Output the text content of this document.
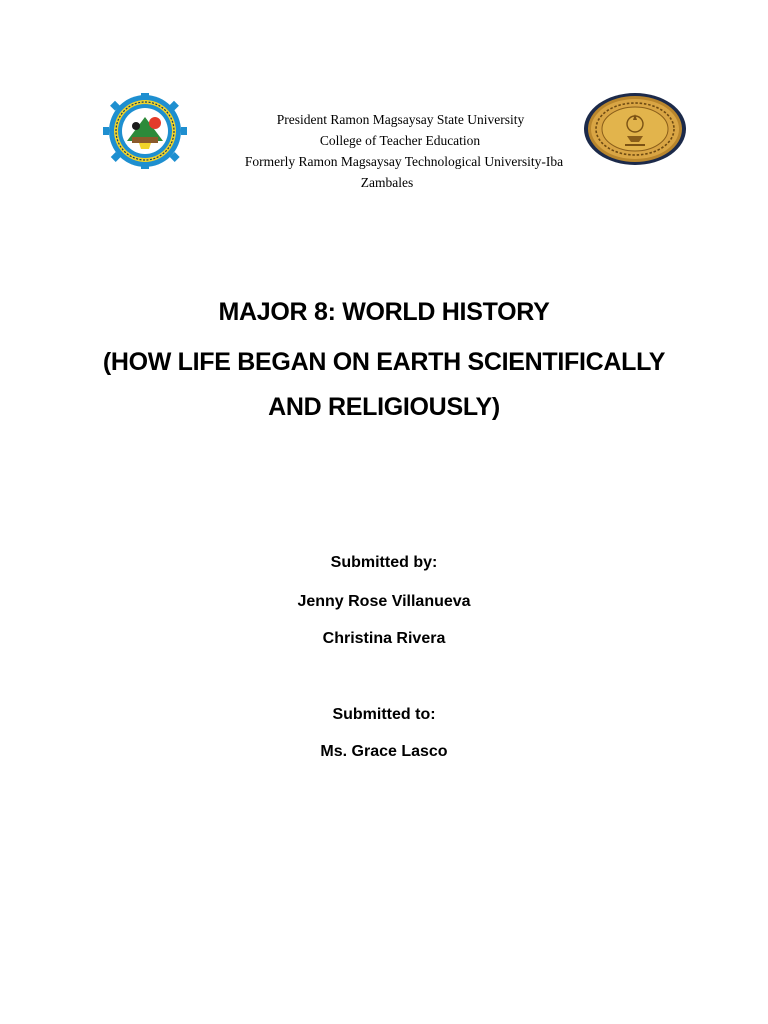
President Ramon Magsaysay State University
College of Teacher Education
Formerly Ramon Magsaysay Technological University-Iba
Zambales
MAJOR 8: WORLD HISTORY
(HOW LIFE BEGAN ON EARTH SCIENTIFICALLY
AND RELIGIOUSLY)
Submitted by:
Jenny Rose Villanueva
Christina Rivera
Submitted to:
Ms. Grace Lasco
